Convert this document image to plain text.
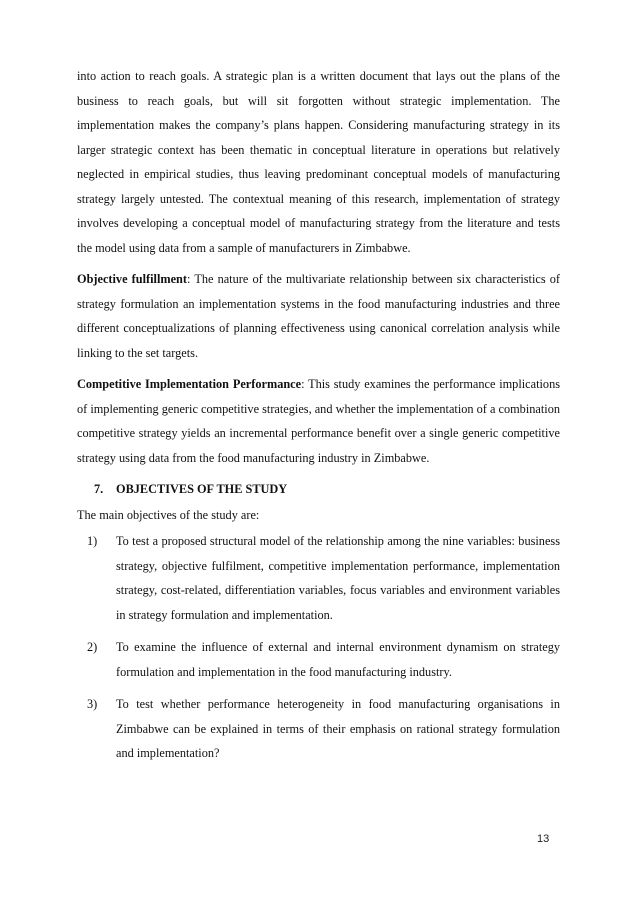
into action to reach goals. A strategic plan is a written document that lays out the plans of the business to reach goals, but will sit forgotten without strategic implementation. The implementation makes the company’s plans happen. Considering manufacturing strategy in its larger strategic context has been thematic in conceptual literature in operations but relatively neglected in empirical studies, thus leaving predominant conceptual models of manufacturing strategy largely untested. The contextual meaning of this research, implementation of strategy involves developing a conceptual model of manufacturing strategy from the literature and tests the model using data from a sample of manufacturers in Zimbabwe.

Objective fulfillment: The nature of the multivariate relationship between six characteristics of strategy formulation an implementation systems in the food manufacturing industries and three different conceptualizations of planning effectiveness using canonical correlation analysis while linking to the set targets.

Competitive Implementation Performance: This study examines the performance implications of implementing generic competitive strategies, and whether the implementation of a combination competitive strategy yields an incremental performance benefit over a single generic competitive strategy using data from the food manufacturing industry in Zimbabwe.

7. OBJECTIVES OF THE STUDY

The main objectives of the study are:

1) To test a proposed structural model of the relationship among the nine variables: business strategy, objective fulfilment, competitive implementation performance, implementation strategy, cost-related, differentiation variables, focus variables and environment variables in strategy formulation and implementation.

2) To examine the influence of external and internal environment dynamism on strategy formulation and implementation in the food manufacturing industry.

3) To test whether performance heterogeneity in food manufacturing organisations in Zimbabwe can be explained in terms of their emphasis on rational strategy formulation and implementation?

13
